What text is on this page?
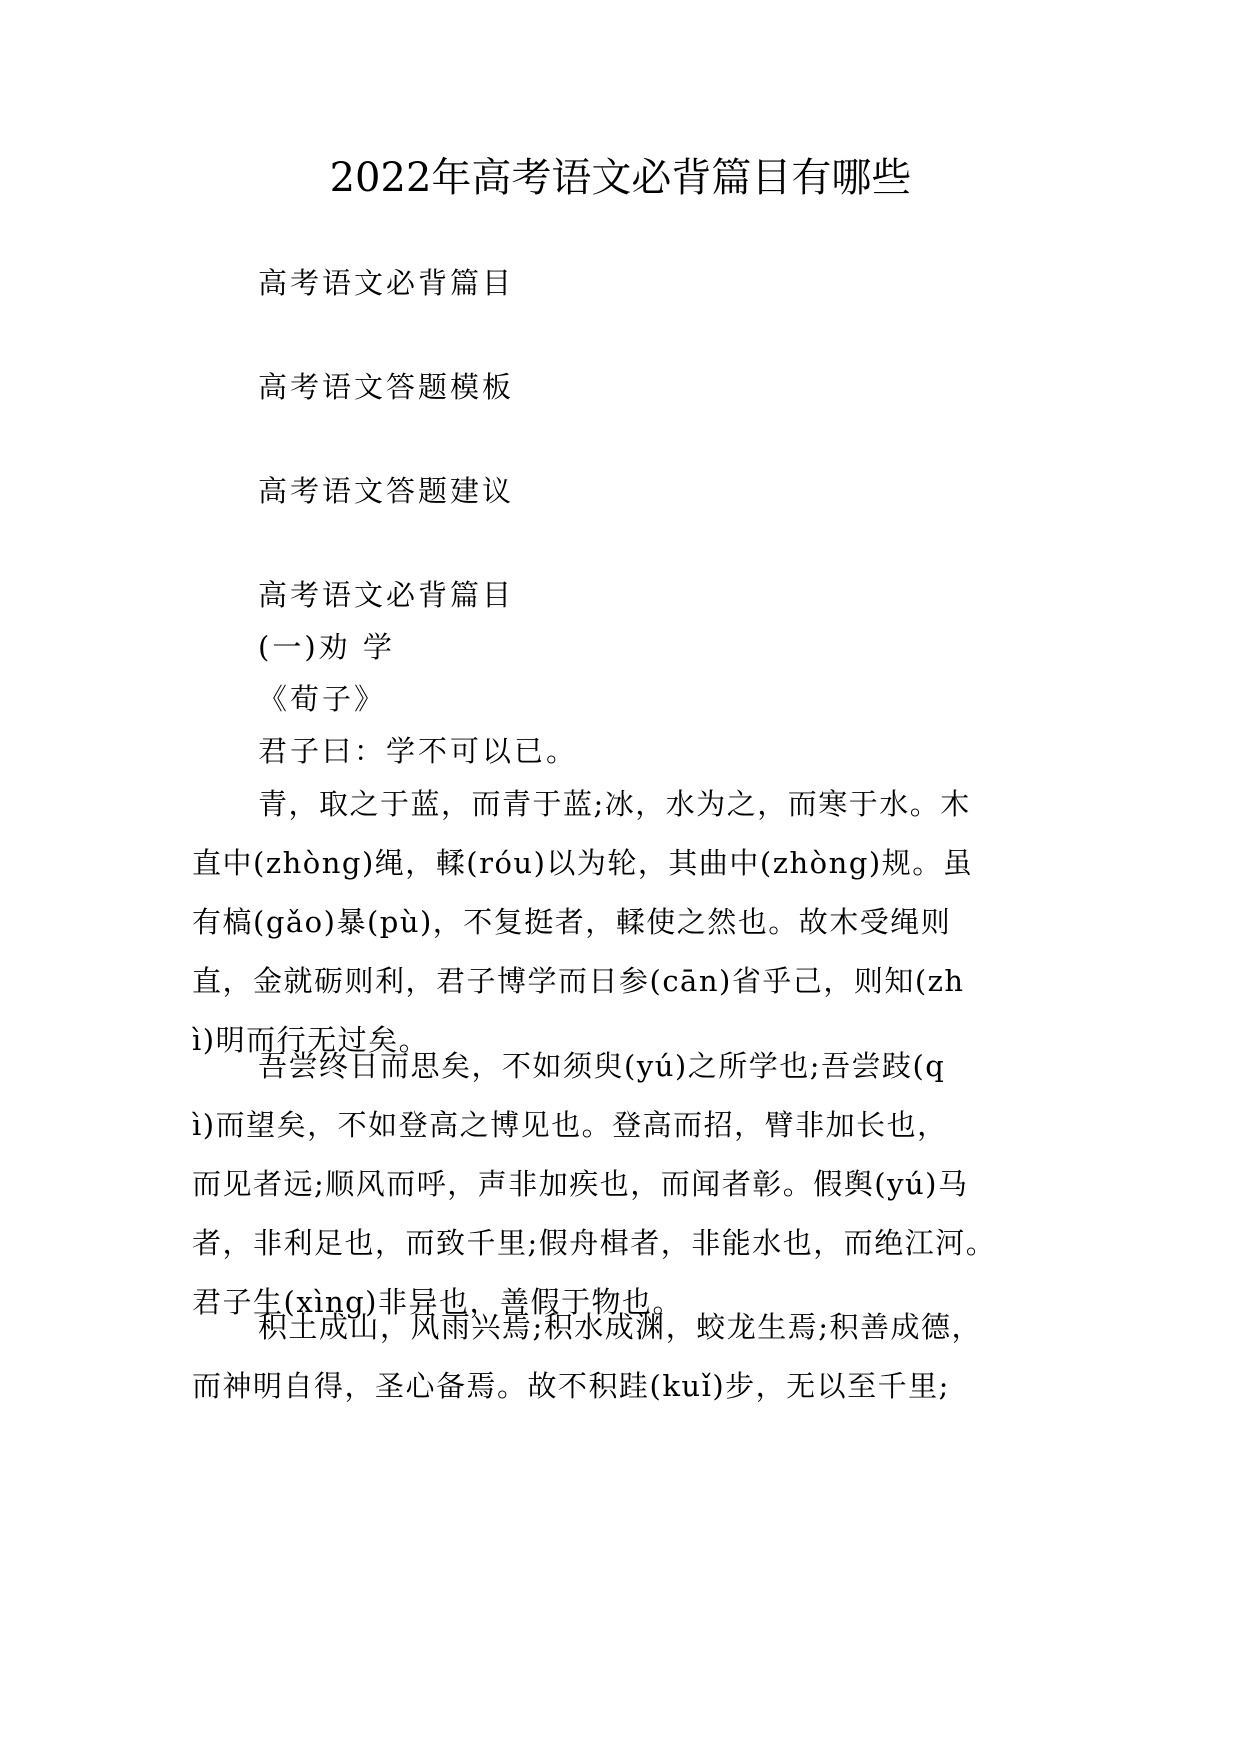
2022年高考语文必背篇目有哪些

高考语文必背篇目

高考语文答题模板

高考语文答题建议

高考语文必背篇目

(一)劝 学

《荀子》

君子曰：学不可以已。

青，取之于蓝，而青于蓝;冰，水为之，而寒于水。木
直中(zhòng)绳，輮(róu)以为轮，其曲中(zhòng)规。虽
有槁(gǎo)暴(pù)，不复挺者，輮使之然也。故木受绳则
直，金就砺则利，君子博学而日参(cān)省乎己，则知(zh
ì)明而行无过矣。
吾尝终日而思矣，不如须臾(yú)之所学也;吾尝跂(q
ì)而望矣，不如登高之博见也。登高而招，臂非加长也，
而见者远;顺风而呼，声非加疾也，而闻者彰。假舆(yú)马
者，非利足也，而致千里;假舟楫者，非能水也，而绝江河。
君子生(xìng)非异也，善假于物也。
积土成山，风雨兴焉;积水成渊，蛟龙生焉;积善成德，
而神明自得，圣心备焉。故不积跬(kuǐ)步，无以至千里;
